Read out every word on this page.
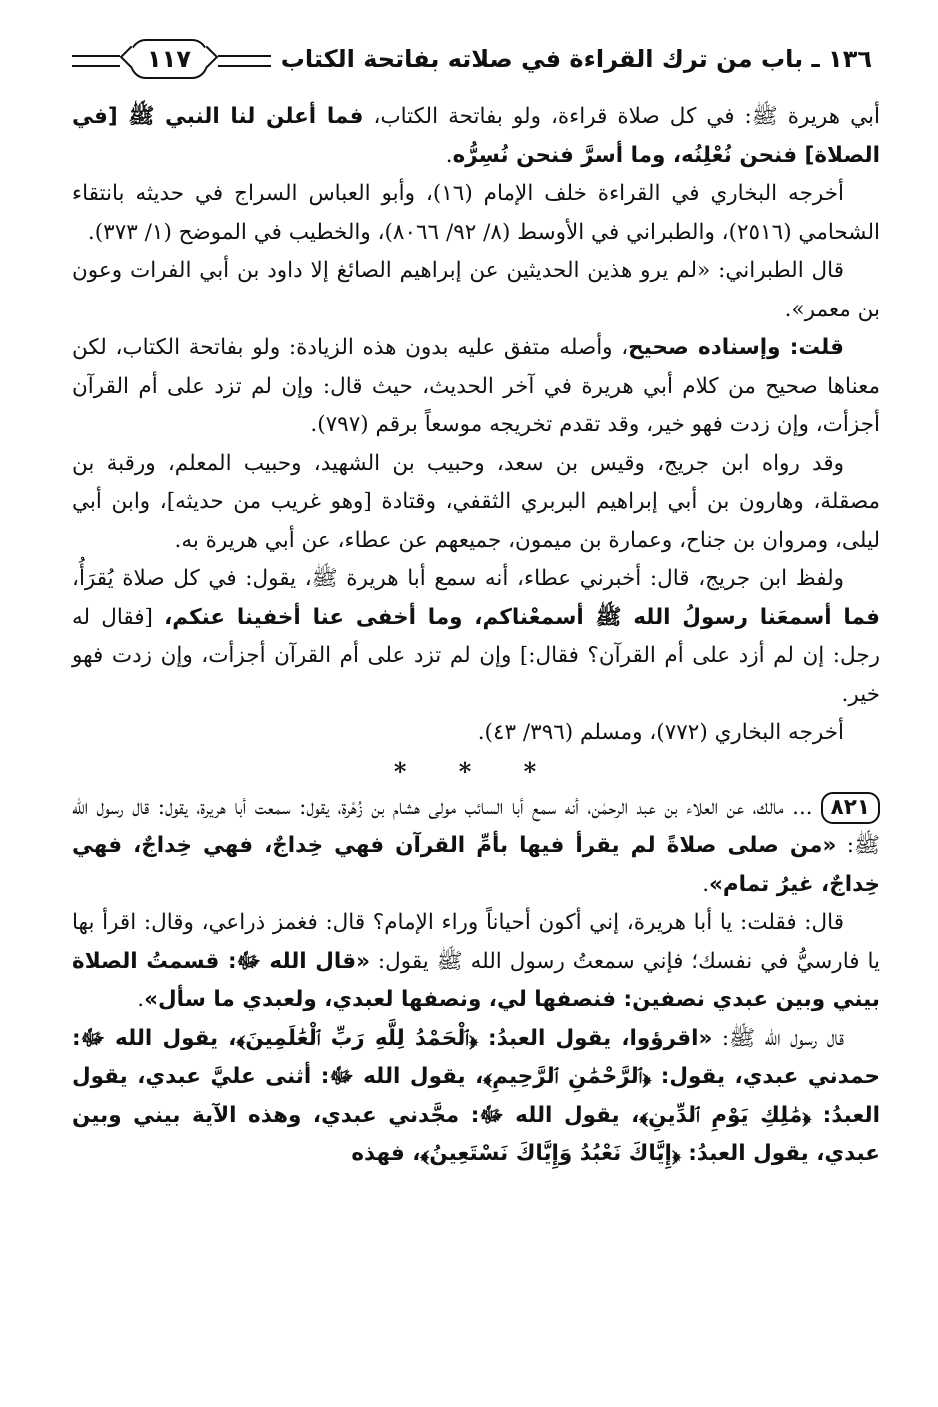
١٣٦ ـ باب من ترك القراءة في صلاته بفاتحة الكتاب
١١٧

أبي هريرة ﷺ: في كل صلاة قراءة، ولو بفاتحة الكتاب، فما أعلن لنا النبي ﷺ [في الصلاة] فنحن نُعْلِنُه، وما أسرَّ فنحن نُسِرُّه.

أخرجه البخاري في القراءة خلف الإمام (١٦)، وأبو العباس السراج في حديثه بانتقاء الشحامي (٢٥١٦)، والطبراني في الأوسط (٨/ ٩٢/ ٨٠٦٦)، والخطيب في الموضح (١/ ٣٧٣).

قال الطبراني: «لم يرو هذين الحديثين عن إبراهيم الصائغ إلا داود بن أبي الفرات وعون بن معمر».

قلت: وإسناده صحيح، وأصله متفق عليه بدون هذه الزيادة: ولو بفاتحة الكتاب، لكن معناها صحيح من كلام أبي هريرة في آخر الحديث، حيث قال: وإن لم تزد على أم القرآن أجزأت، وإن زدت فهو خير، وقد تقدم تخريجه موسعاً برقم (٧٩٧).

وقد رواه ابن جريج، وقيس بن سعد، وحبيب بن الشهيد، وحبيب المعلم، ورقبة بن مصقلة، وهارون بن أبي إبراهيم البربري الثقفي، وقتادة [وهو غريب من حديثه]، وابن أبي ليلى، ومروان بن جناح، وعمارة بن ميمون، جميعهم عن عطاء، عن أبي هريرة به.

ولفظ ابن جريج، قال: أخبرني عطاء، أنه سمع أبا هريرة ﷺ، يقول: في كل صلاة يُقرَأُ، فما أسمعَنا رسولُ الله ﷺ أسمعْناكم، وما أخفى عنا أخفينا عنكم، [فقال له رجل: إن لم أزد على أم القرآن؟ فقال:] وإن لم تزد على أم القرآن أجزأت، وإن زدت فهو خير.

أخرجه البخاري (٧٧٢)، ومسلم (٣٩٦/ ٤٣).

* * *

٨٢١... مالك، عن العلاء بن عبد الرحمٰن، أنه سمع أبا السائب مولى هشام بن زُهْرة، يقول: سمعت أبا هريرة، يقول: قال رسول الله ﷺ: «من صلى صلاةً لم يقرأ فيها بأمِّ القرآن فهي خِداجٌ، فهي خِداجٌ، فهي خِداجٌ، غيرُ تمام».

قال: فقلت: يا أبا هريرة، إني أكون أحياناً وراء الإمام؟ قال: فغمز ذراعي، وقال: اقرأ بها يا فارسيُّ في نفسك؛ فإني سمعتُ رسول الله ﷺ يقول: «قال الله ﷻ: قسمتُ الصلاة بيني وبين عبدي نصفين: فنصفها لي، ونصفها لعبدي، ولعبدي ما سأل».

قال رسول الله ﷺ: «اقرؤوا، يقول العبدُ: ﴿ٱلْحَمْدُ لِلَّهِ رَبِّ ٱلْعَٰلَمِينَ﴾، يقول الله ﷻ: حمدني عبدي، يقول: ﴿ٱلرَّحْمَٰنِ ٱلرَّحِيمِ﴾، يقول الله ﷻ: أثنى عليَّ عبدي، يقول العبدُ: ﴿مَٰلِكِ يَوْمِ ٱلدِّينِ﴾، يقول الله ﷻ: مجَّدني عبدي، وهذه الآية بيني وبين عبدي، يقول العبدُ: ﴿إِيَّاكَ نَعْبُدُ وَإِيَّاكَ نَسْتَعِينُ﴾، فهذه
